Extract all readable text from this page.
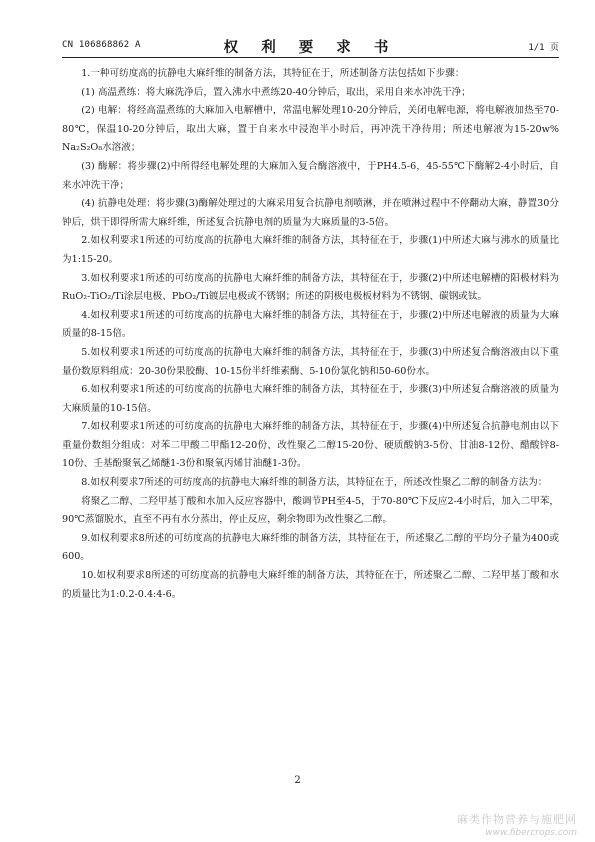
CN 106868862 A	权 利 要 求 书	1/1 页

1.一种可纺度高的抗静电大麻纤维的制备方法，其特征在于，所述制备方法包括如下步骤：

(1) 高温煮练：将大麻洗净后，置入沸水中煮练20-40分钟后，取出，采用自来水冲洗干净；

(2) 电解：将经高温煮练的大麻加入电解槽中，常温电解处理10-20分钟后，关闭电解电源，将电解液加热至70-80℃，保温10-20分钟后，取出大麻，置于自来水中浸泡半小时后，再冲洗干净待用；所述电解液为15-20w% Na₂S₂O₈水溶液；

(3) 酶解：将步骤(2)中所得经电解处理的大麻加入复合酶溶液中，于PH4.5-6，45-55℃下酶解2-4小时后，自来水冲洗干净；

(4) 抗静电处理：将步骤(3)酶解处理过的大麻采用复合抗静电剂喷淋，并在喷淋过程中不停翻动大麻，静置30分钟后，烘干即得所需大麻纤维，所述复合抗静电剂的质量为大麻质量的3-5倍。

2.如权利要求1所述的可纺度高的抗静电大麻纤维的制备方法，其特征在于，步骤(1)中所述大麻与沸水的质量比为1:15-20。

3.如权利要求1所述的可纺度高的抗静电大麻纤维的制备方法，其特征在于，步骤(2)中所述电解槽的阳极材料为RuO₂-TiO₂/Ti涂层电极、PbO₂/Ti镀层电极或不锈钢；所述的阴极电极板材料为不锈钢、碳钢或钛。

4.如权利要求1所述的可纺度高的抗静电大麻纤维的制备方法，其特征在于，步骤(2)中所述电解液的质量为大麻质量的8-15倍。

5.如权利要求1所述的可纺度高的抗静电大麻纤维的制备方法，其特征在于，步骤(3)中所述复合酶溶液由以下重量份数原料组成：20-30份果胶酶、10-15份半纤维素酶、5-10份氯化钠和50-60份水。

6.如权利要求1所述的可纺度高的抗静电大麻纤维的制备方法，其特征在于，步骤(3)中所述复合酶溶液的质量为大麻质量的10-15倍。

7.如权利要求1所述的可纺度高的抗静电大麻纤维的制备方法，其特征在于，步骤(4)中所述复合抗静电剂由以下重量份数组分组成：对苯二甲酸二甲酯12-20份、改性聚乙二醇15-20份、硬质酸钠3-5份、甘油8-12份、醋酸锌8-10份、壬基酚聚氧乙烯醚1-3份和聚氧丙烯甘油醚1-3份。

8.如权利要求7所述的可纺度高的抗静电大麻纤维的制备方法，其特征在于，所述改性聚乙二醇的制备方法为：

将聚乙二醇、二羟甲基丁酸和水加入反应容器中，酸调节PH至4-5，于70-80℃下反应2-4小时后，加入二甲苯，90℃蒸馏脱水，直至不再有水分蒸出，停止反应，剩余物即为改性聚乙二醇。

9.如权利要求8所述的可纺度高的抗静电大麻纤维的制备方法，其特征在于，所述聚乙二醇的平均分子量为400或600。

10.如权利要求8所述的可纺度高的抗静电大麻纤维的制备方法，其特征在于，所述聚乙二醇、二羟甲基丁酸和水的质量比为1:0.2-0.4:4-6。

2
麻类作物营养与施肥网
www.fibercrops.com
